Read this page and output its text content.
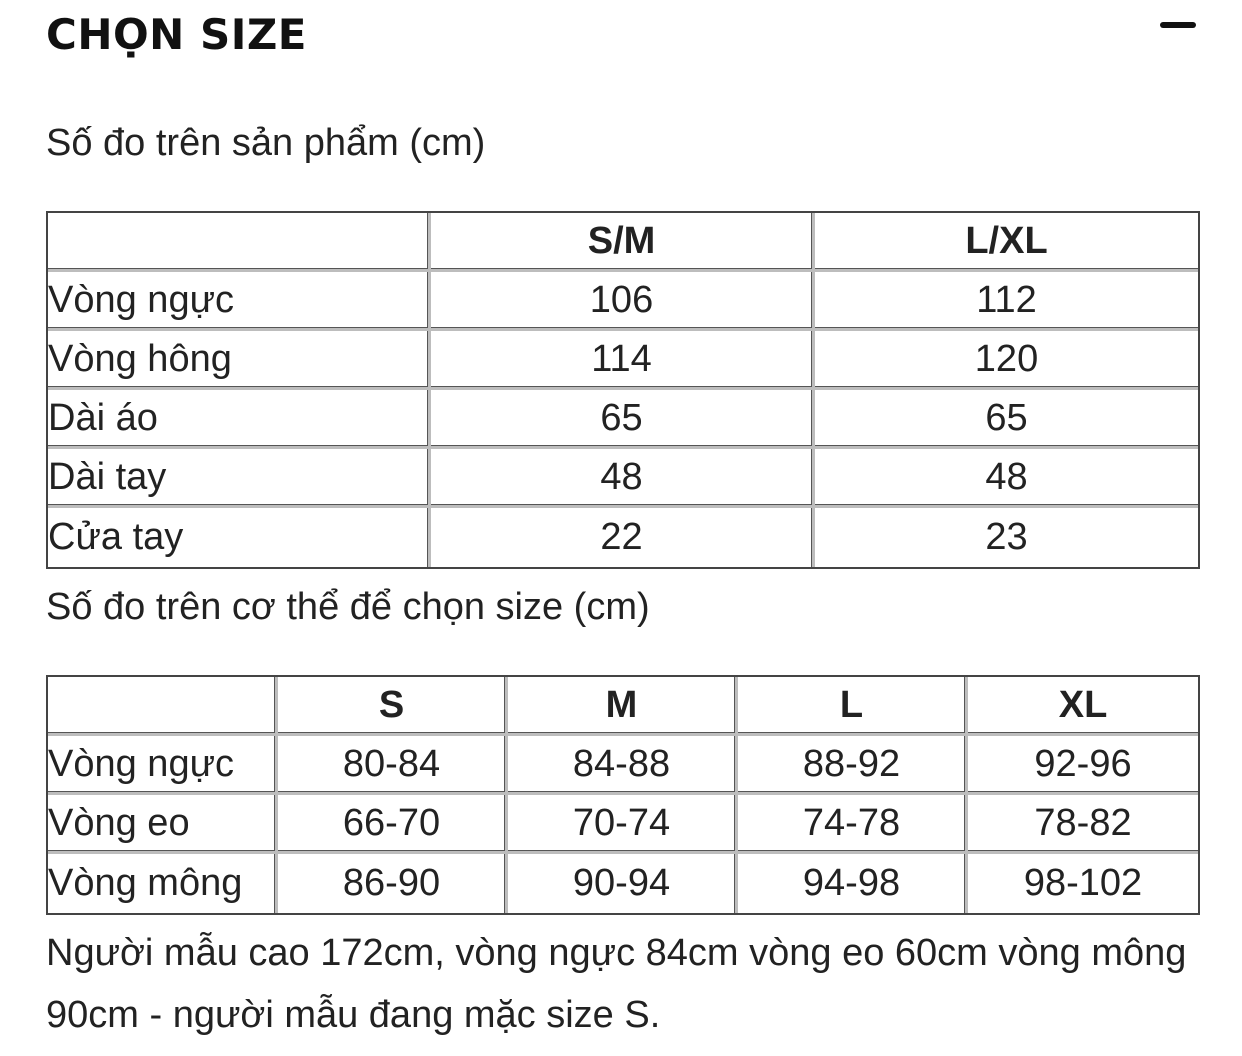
CHỌN SIZE
Số đo trên sản phẩm (cm)
	S/M	L/XL
Vòng ngực	106	112
Vòng hông	114	120
Dài áo	65	65
Dài tay	48	48
Cửa tay	22	23
Số đo trên cơ thể để chọn size (cm)
	S	M	L	XL
Vòng ngực	80-84	84-88	88-92	92-96
Vòng eo	66-70	70-74	74-78	78-82
Vòng mông	86-90	90-94	94-98	98-102
Người mẫu cao 172cm, vòng ngực 84cm vòng eo 60cm vòng mông 90cm - người mẫu đang mặc size S.
